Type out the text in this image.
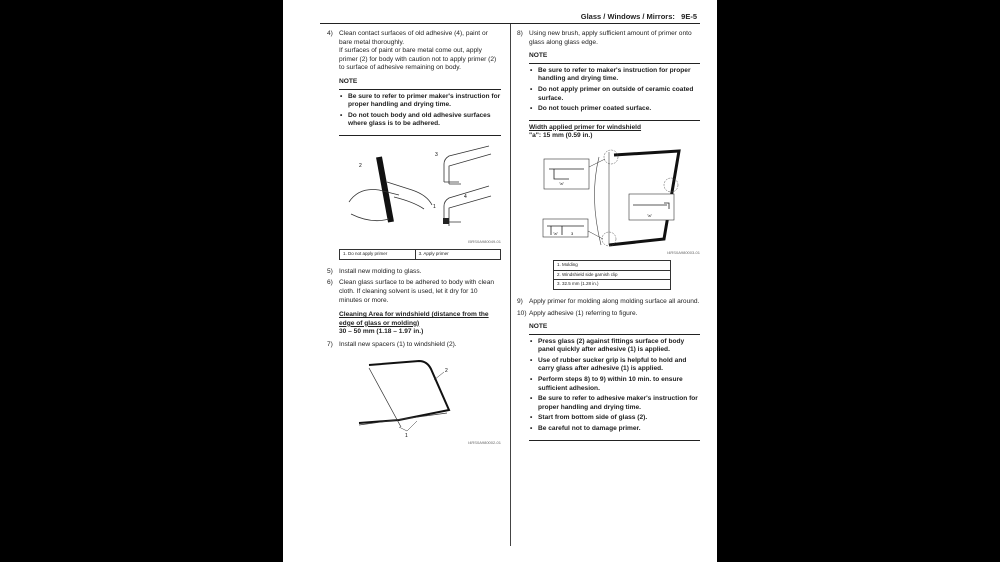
Glass / Windows / Mirrors: 9E-5
4) Clean contact surfaces of old adhesive (4), paint or bare metal thoroughly.
If surfaces of paint or bare metal come out, apply primer (2) for body with caution not to apply primer (2) to surface of adhesive remaining on body.
NOTE
• Be sure to refer to primer maker's instruction for proper handling and drying time.
• Do not touch body and old adhesive surfaces where glass is to be adhered.
2
3
1
4
I5RS0A980049-01
1. Do not apply primer	3. Apply primer
5) Install new molding to glass.
6) Clean glass surface to be adhered to body with clean cloth. If cleaning solvent is used, let it dry for 10 minutes or more.
Cleaning Area for windshield (distance from the edge of glass or molding)
30 – 50 mm (1.18 – 1.97 in.)
7) Install new spacers (1) to windshield (2).
2
1
I4RS0A980002-01
8) Using new brush, apply sufficient amount of primer onto glass along glass edge.
NOTE
• Be sure to refer to maker's instruction for proper handling and drying time.
• Do not apply primer on outside of ceramic coated surface.
• Do not touch primer coated surface.
Width applied primer for windshield
"a": 15 mm (0.59 in.)
"a"
"a"
"a"	3
I4RS0A980003-01
1. Molding
2. Windshield side garnish clip
3. 32.5 mm (1.28 in.)
9) Apply primer for molding along molding surface all around.
10) Apply adhesive (1) referring to figure.
NOTE
• Press glass (2) against fittings surface of body panel quickly after adhesive (1) is applied.
• Use of rubber sucker grip is helpful to hold and carry glass after adhesive (1) is applied.
• Perform steps 8) to 9) within 10 min. to ensure sufficient adhesion.
• Be sure to refer to adhesive maker's instruction for proper handling and drying time.
• Start from bottom side of glass (2).
• Be careful not to damage primer.
